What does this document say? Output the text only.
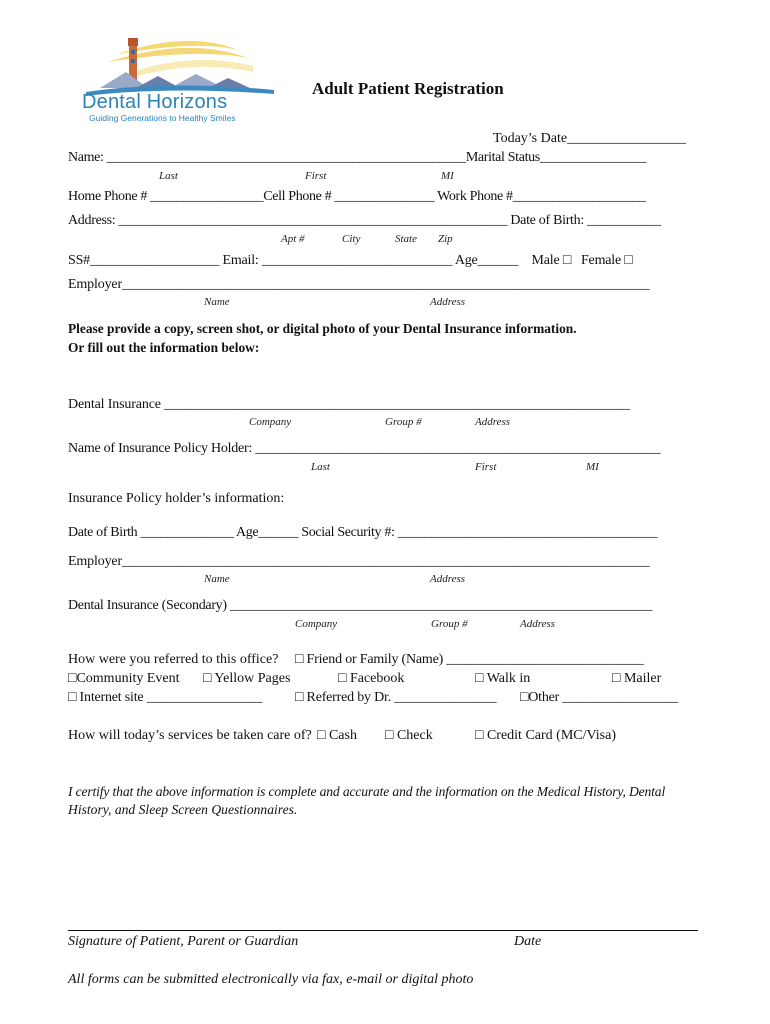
Dental Horizons
Guiding Generations to Healthy Smiles
Adult Patient Registration
Today’s Date_________________
Name: ______________________________________________________Marital Status________________
Last	First	MI
Home Phone # _________________Cell Phone # _______________ Work Phone #____________________
Address: __________________________________________________________ Date of Birth: ___________
Apt #	City	State Zip
SS#___________________ Email: ____________________________ Age______    Male □   Female □
Employer_____________________________________________________________________________
Name	Address
Please provide a copy, screen shot, or digital photo of your Dental Insurance information.
Or fill out the information below:
Dental Insurance ____________________________________________________________________
Company	Group #	Address
Name of Insurance Policy Holder: ____________________________________________________________
Last	First	MI
Insurance Policy holder’s information:
Date of Birth ______________ Age______ Social Security #: _______________________________________
Employer_____________________________________________________________________________
Name	Address
Dental Insurance (Secondary) _______________________________________________________________
Company	Group #	Address
How were you referred to this office? □ Friend or Family (Name) _____________________________
□Community Event □ Yellow Pages	□ Facebook	□ Walk in	□ Mailer
□ Internet site _________________ □ Referred by Dr. _______________ □Other _________________
How will today’s services be taken care of? □ Cash □ Check	□ Credit Card (MC/Visa)
I certify that the above information is complete and accurate and the information on the Medical History, Dental
History, and Sleep Screen Questionnaires.
Signature of Patient, Parent or Guardian	Date
All forms can be submitted electronically via fax, e-mail or digital photo
